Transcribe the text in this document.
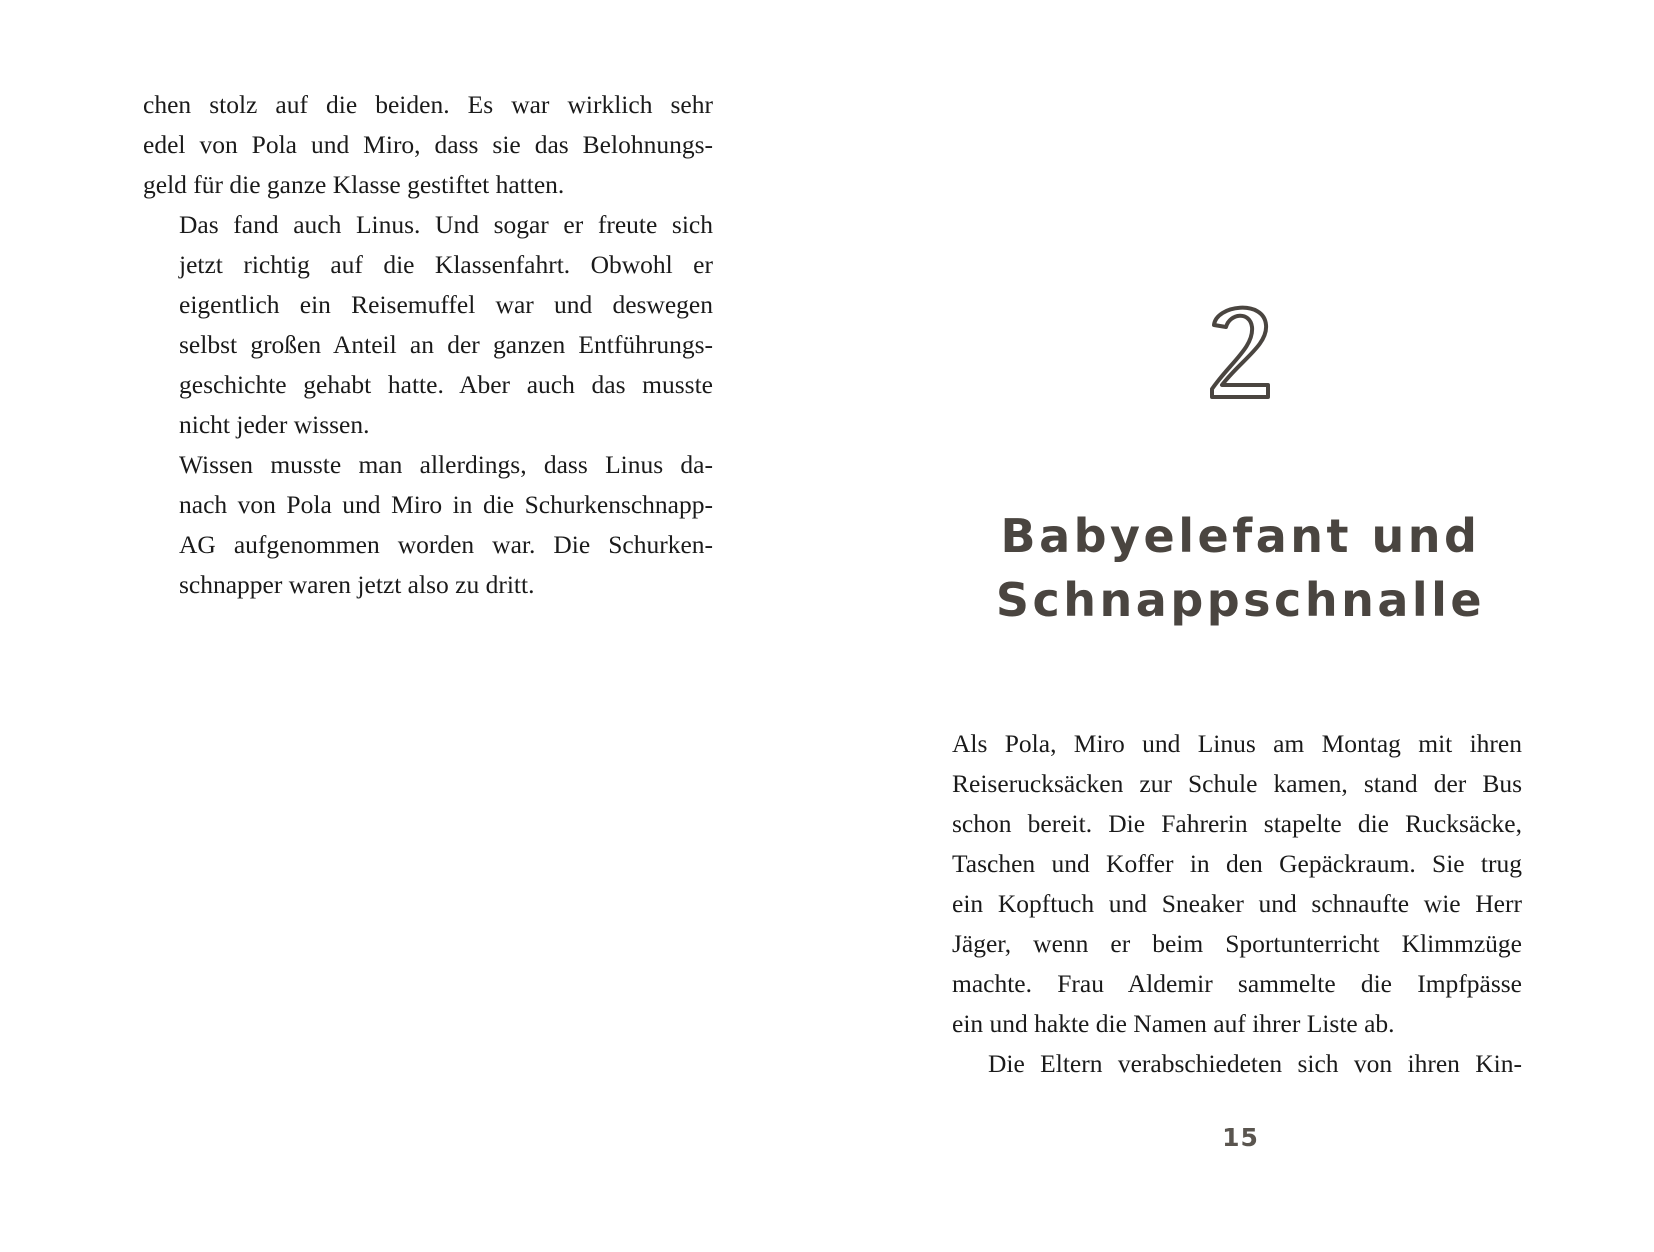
chen stolz auf die beiden. Es war wirklich sehr
edel von Pola und Miro, dass sie das Belohnungs-
geld für die ganze Klasse gestiftet hatten.

Das fand auch Linus. Und sogar er freute sich
jetzt richtig auf die Klassenfahrt. Obwohl er
eigentlich ein Reisemuffel war und deswegen
selbst großen Anteil an der ganzen Entführungs-
geschichte gehabt hatte. Aber auch das musste
nicht jeder wissen.

Wissen musste man allerdings, dass Linus da-
nach von Pola und Miro in die Schurkenschnapp-
AG aufgenommen worden war. Die Schurken-
schnapper waren jetzt also zu dritt.

Babyelefant und
Schnappschnalle

Als Pola, Miro und Linus am Montag mit ihren
Reiserucksäcken zur Schule kamen, stand der Bus
schon bereit. Die Fahrerin stapelte die Rucksäcke,
Taschen und Koffer in den Gepäckraum. Sie trug
ein Kopftuch und Sneaker und schnaufte wie Herr
Jäger, wenn er beim Sportunterricht Klimmzüge
machte. Frau Aldemir sammelte die Impfpässe
ein und hakte die Namen auf ihrer Liste ab.

Die Eltern verabschiedeten sich von ihren Kin-

15
